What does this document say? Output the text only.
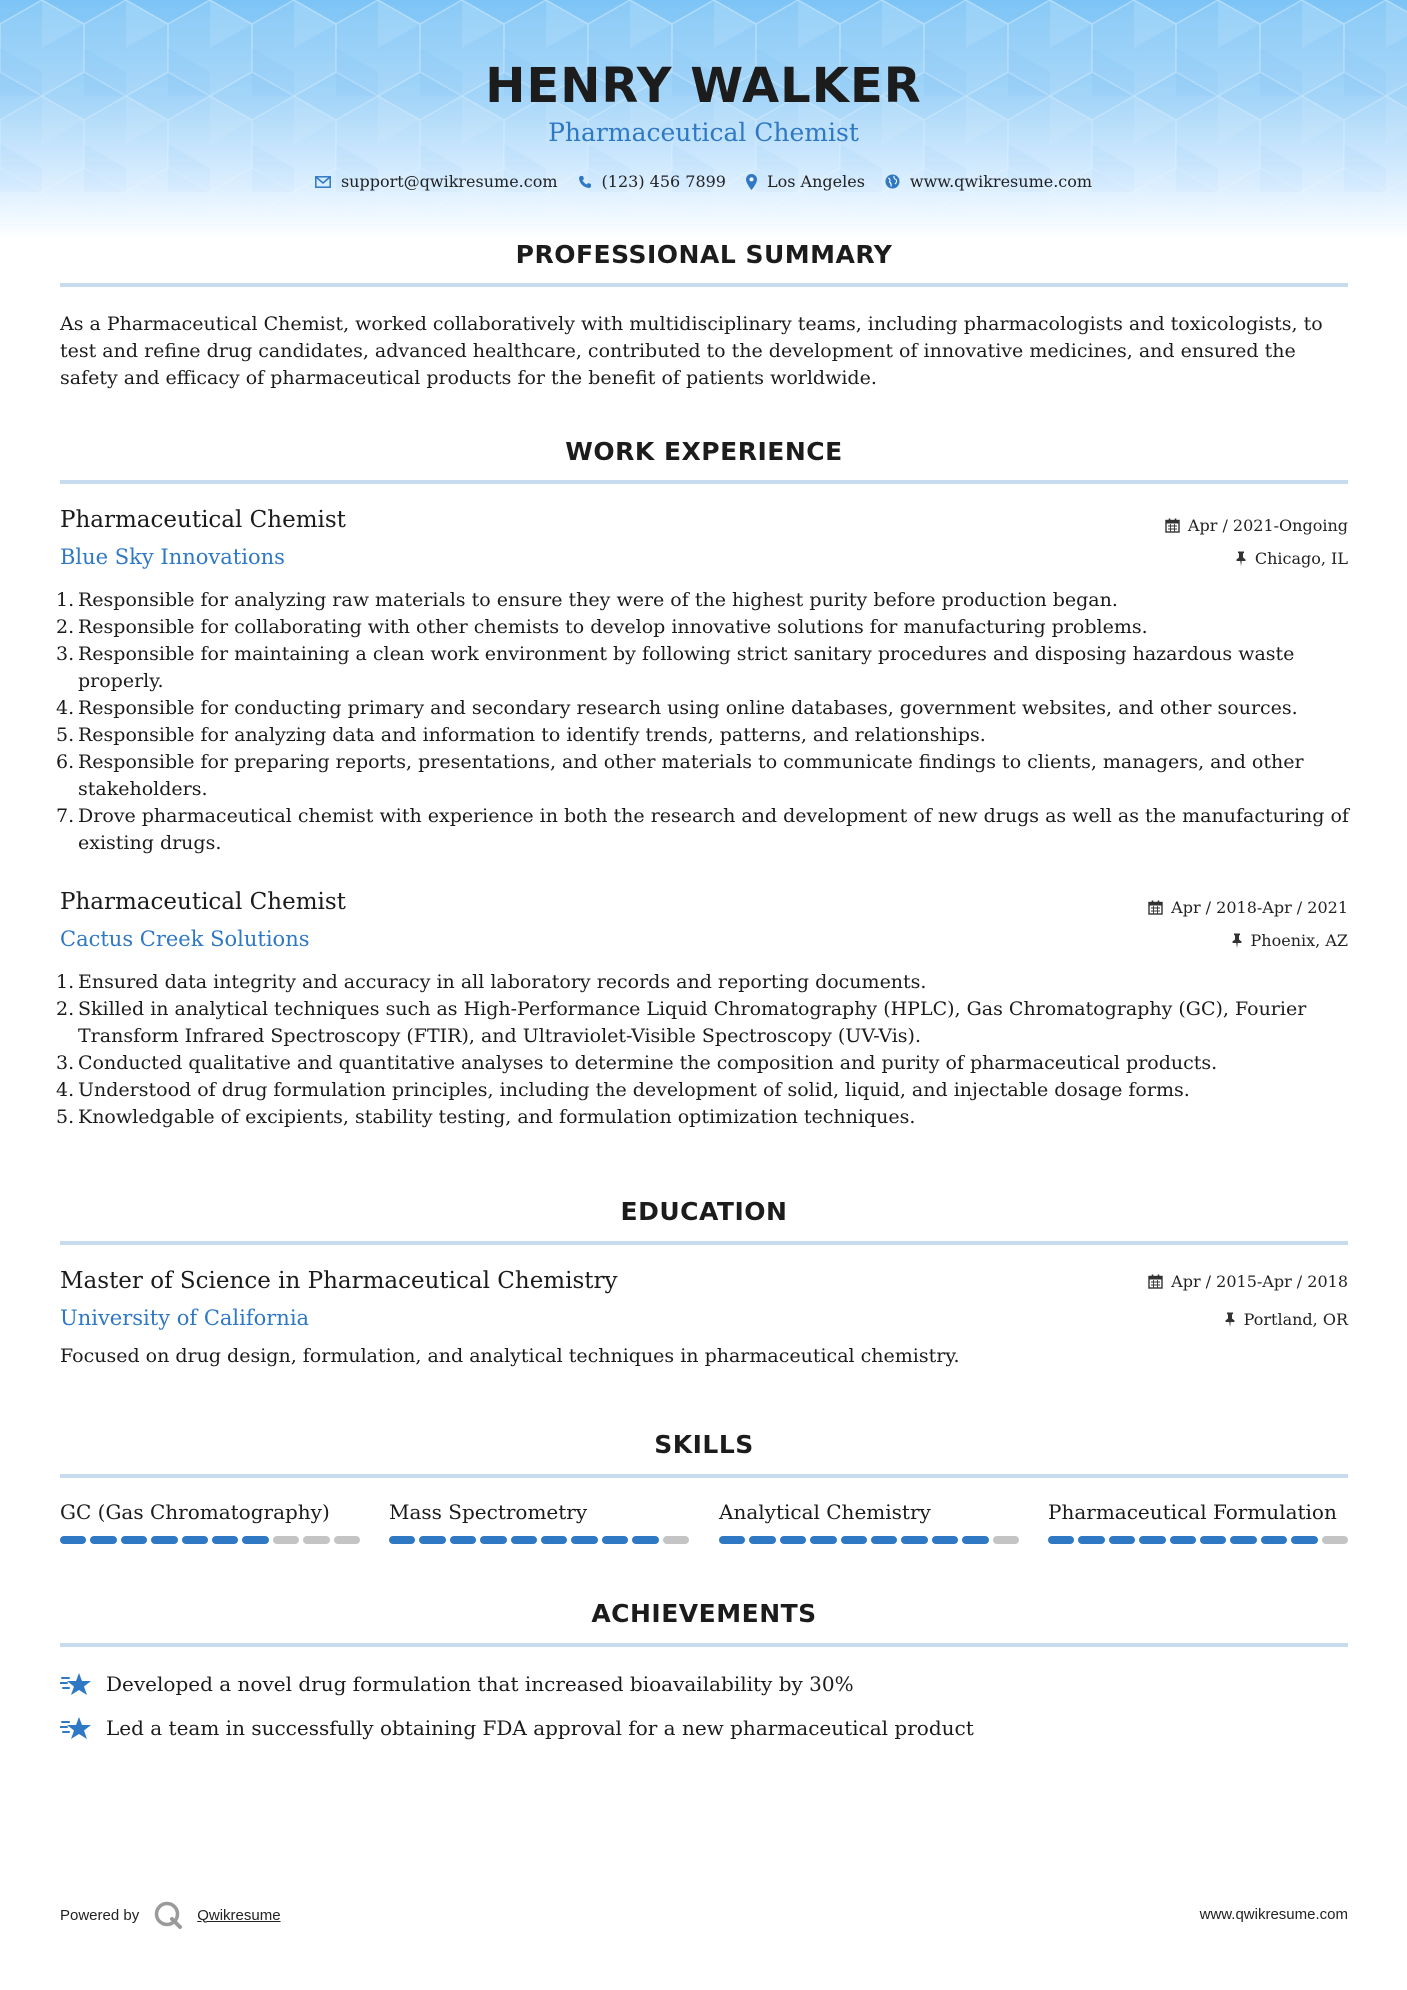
HENRY WALKER
Pharmaceutical Chemist
support@qwikresume.com	(123) 456 7899	Los Angeles	www.qwikresume.com
PROFESSIONAL SUMMARY
As a Pharmaceutical Chemist, worked collaboratively with multidisciplinary teams, including pharmacologists and toxicologists, to test and refine drug candidates, advanced healthcare, contributed to the development of innovative medicines, and ensured the safety and efficacy of pharmaceutical products for the benefit of patients worldwide.
WORK EXPERIENCE
Pharmaceutical Chemist	Apr / 2021-Ongoing
Blue Sky Innovations	Chicago, IL
1. Responsible for analyzing raw materials to ensure they were of the highest purity before production began.
2. Responsible for collaborating with other chemists to develop innovative solutions for manufacturing problems.
3. Responsible for maintaining a clean work environment by following strict sanitary procedures and disposing hazardous waste properly.
4. Responsible for conducting primary and secondary research using online databases, government websites, and other sources.
5. Responsible for analyzing data and information to identify trends, patterns, and relationships.
6. Responsible for preparing reports, presentations, and other materials to communicate findings to clients, managers, and other stakeholders.
7. Drove pharmaceutical chemist with experience in both the research and development of new drugs as well as the manufacturing of existing drugs.
Pharmaceutical Chemist	Apr / 2018-Apr / 2021
Cactus Creek Solutions	Phoenix, AZ
1. Ensured data integrity and accuracy in all laboratory records and reporting documents.
2. Skilled in analytical techniques such as High-Performance Liquid Chromatography (HPLC), Gas Chromatography (GC), Fourier Transform Infrared Spectroscopy (FTIR), and Ultraviolet-Visible Spectroscopy (UV-Vis).
3. Conducted qualitative and quantitative analyses to determine the composition and purity of pharmaceutical products.
4. Understood of drug formulation principles, including the development of solid, liquid, and injectable dosage forms.
5. Knowledgable of excipients, stability testing, and formulation optimization techniques.
EDUCATION
Master of Science in Pharmaceutical Chemistry	Apr / 2015-Apr / 2018
University of California	Portland, OR
Focused on drug design, formulation, and analytical techniques in pharmaceutical chemistry.
SKILLS
GC (Gas Chromatography)	Mass Spectrometry	Analytical Chemistry	Pharmaceutical Formulation
ACHIEVEMENTS
Developed a novel drug formulation that increased bioavailability by 30%
Led a team in successfully obtaining FDA approval for a new pharmaceutical product
Powered by	Qwikresume	www.qwikresume.com
